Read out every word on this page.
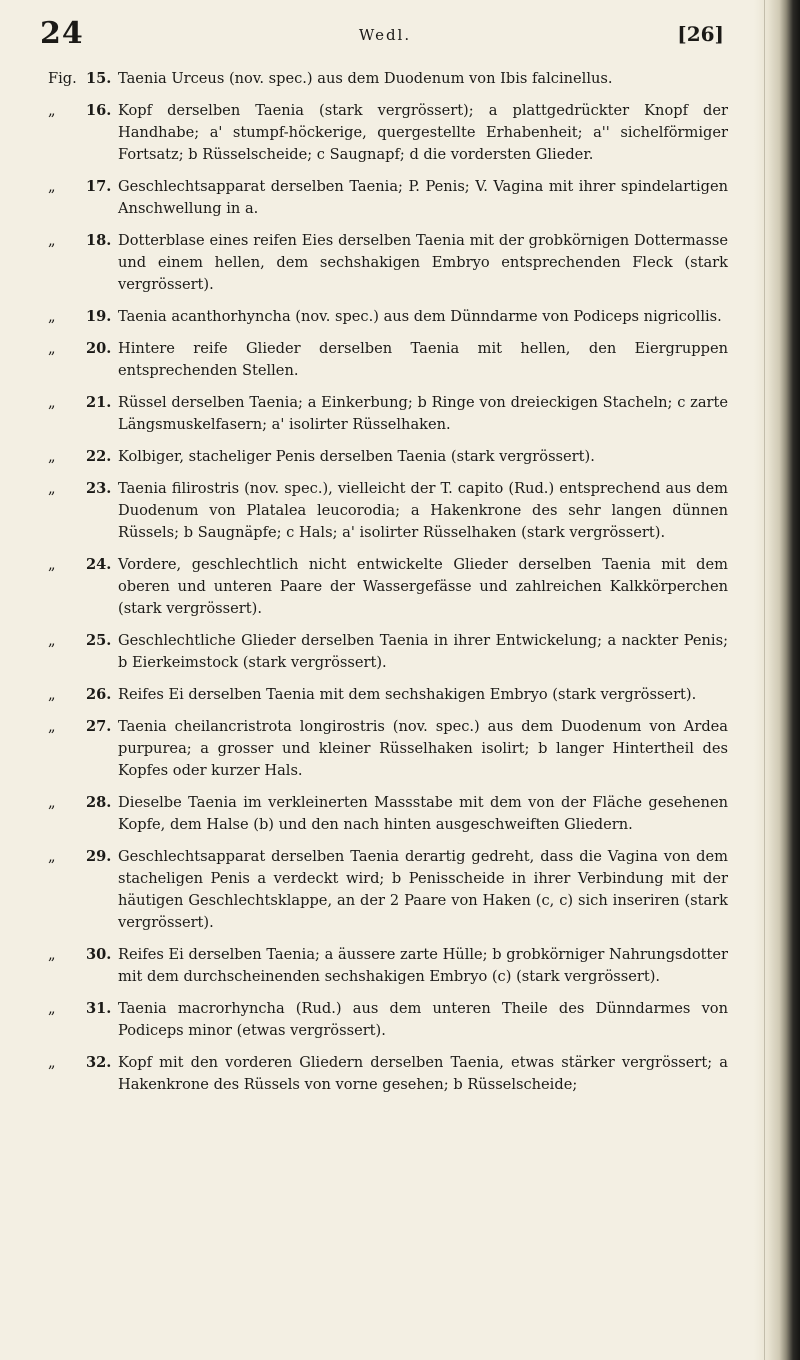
24	Wedl.	[26]
Fig. 15. Taenia Urceus (nov. spec.) aus dem Duodenum von Ibis falcinellus.
„	16. Kopf derselben Taenia (stark vergrössert); a plattgedrückter Knopf der Handhabe; a' stumpf-höckerige, quergestellte Erhabenheit; a'' sichelförmiger Fortsatz; b Rüsselscheide; c Saugnapf; d die vordersten Glieder.
„	17. Geschlechtsapparat derselben Taenia; P. Penis; V. Vagina mit ihrer spindelartigen Anschwellung in a.
„	18. Dotterblase eines reifen Eies derselben Taenia mit der grobkörnigen Dottermasse und einem hellen, dem sechshakigen Embryo entsprechenden Fleck (stark vergrössert).
„	19. Taenia acanthorhyncha (nov. spec.) aus dem Dünndarme von Podiceps nigricollis.
„	20. Hintere reife Glieder derselben Taenia mit hellen, den Eiergruppen entsprechenden Stellen.
„	21. Rüssel derselben Taenia; a Einkerbung; b Ringe von dreieckigen Stacheln; c zarte Längsmuskelfasern; a' isolirter Rüsselhaken.
„	22. Kolbiger, stacheliger Penis derselben Taenia (stark vergrössert).
„	23. Taenia filirostris (nov. spec.), vielleicht der T. capito (Rud.) entsprechend aus dem Duodenum von Platalea leucorodia; a Hakenkrone des sehr langen dünnen Rüssels; b Saugnäpfe; c Hals; a' isolirter Rüsselhaken (stark vergrössert).
„	24. Vordere, geschlechtlich nicht entwickelte Glieder derselben Taenia mit dem oberen und unteren Paare der Wassergefässe und zahlreichen Kalkkörperchen (stark vergrössert).
„	25. Geschlechtliche Glieder derselben Taenia in ihrer Entwickelung; a nackter Penis; b Eierkeimstock (stark vergrössert).
„	26. Reifes Ei derselben Taenia mit dem sechshakigen Embryo (stark vergrössert).
„	27. Taenia cheilancristrota longirostris (nov. spec.) aus dem Duodenum von Ardea purpurea; a grosser und kleiner Rüsselhaken isolirt; b langer Hintertheil des Kopfes oder kurzer Hals.
„	28. Dieselbe Taenia im verkleinerten Massstabe mit dem von der Fläche gesehenen Kopfe, dem Halse (b) und den nach hinten ausgeschweiften Gliedern.
„	29. Geschlechtsapparat derselben Taenia derartig gedreht, dass die Vagina von dem stacheligen Penis a verdeckt wird; b Penisscheide in ihrer Verbindung mit der häutigen Geschlechtsklappe, an der 2 Paare von Haken (c, c) sich inseriren (stark vergrössert).
„	30. Reifes Ei derselben Taenia; a äussere zarte Hülle; b grobkörniger Nahrungsdotter mit dem durchscheinenden sechshakigen Embryo (c) (stark vergrössert).
„	31. Taenia macrorhyncha (Rud.) aus dem unteren Theile des Dünndarmes von Podiceps minor (etwas vergrössert).
„	32. Kopf mit den vorderen Gliedern derselben Taenia, etwas stärker vergrössert; a Hakenkrone des Rüssels von vorne gesehen; b Rüsselscheide;
